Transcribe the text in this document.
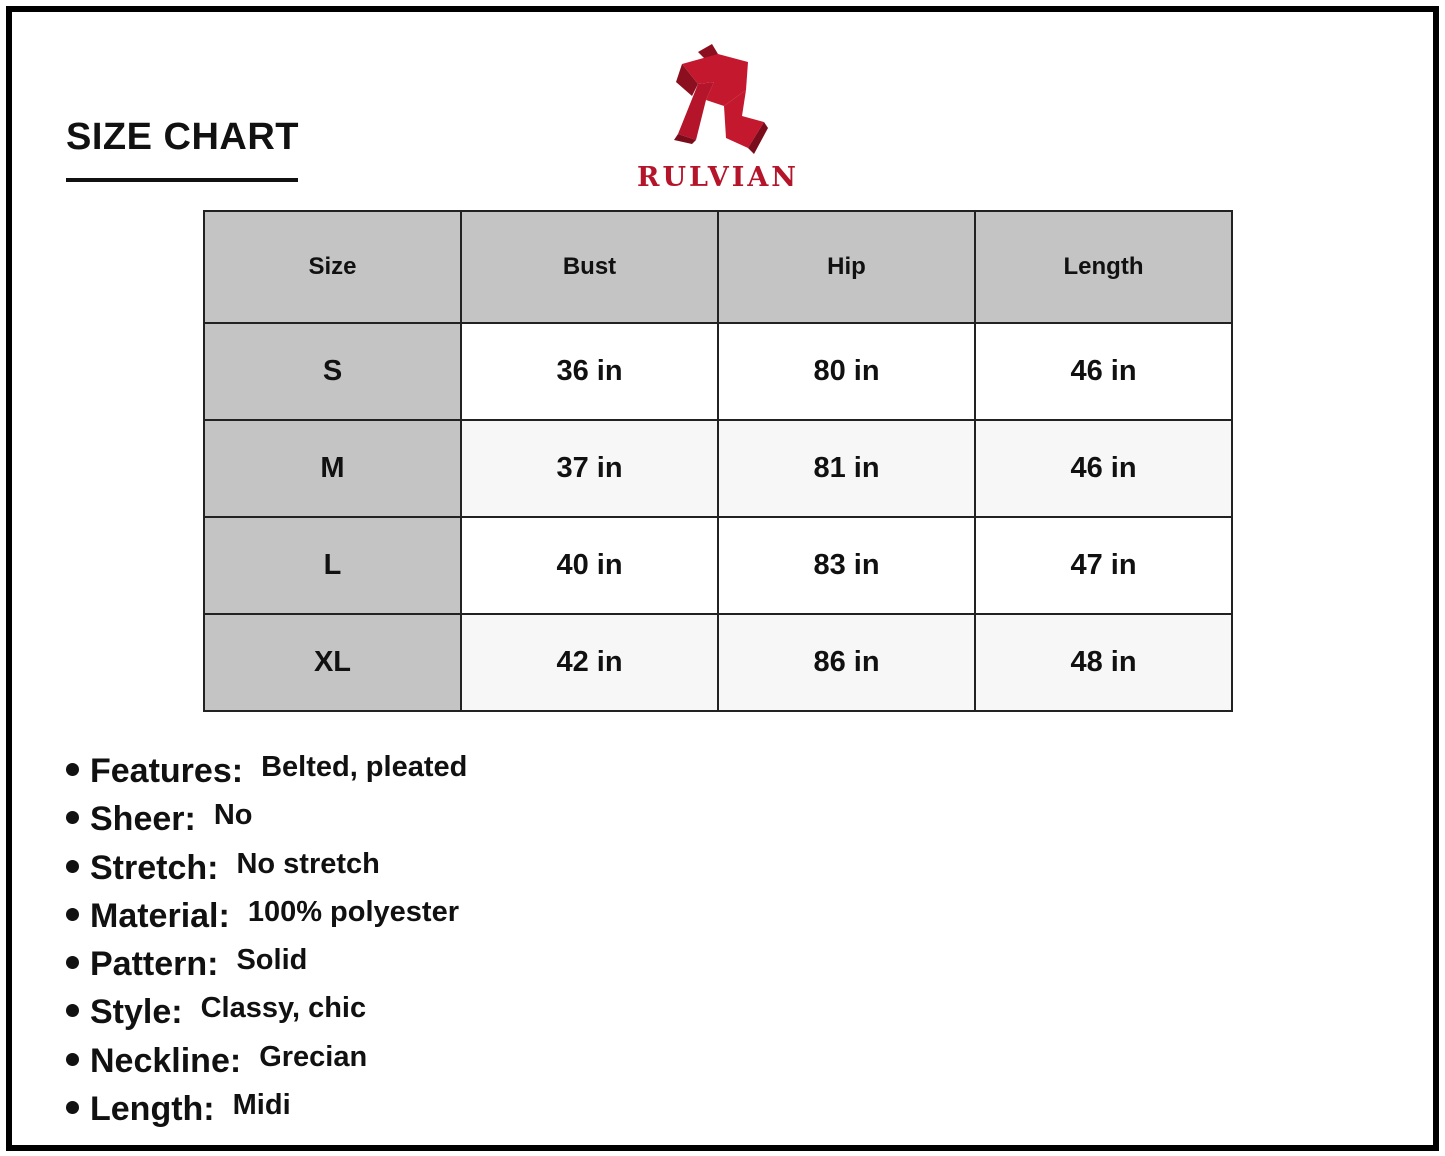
SIZE CHART
RULVIAN
Size	Bust	Hip	Length
S	36 in	80 in	46 in
M	37 in	81 in	46 in
L	40 in	83 in	47 in
XL	42 in	86 in	48 in
Features: Belted, pleated
Sheer: No
Stretch: No stretch
Material: 100% polyester
Pattern: Solid
Style: Classy, chic
Neckline: Grecian
Length: Midi
